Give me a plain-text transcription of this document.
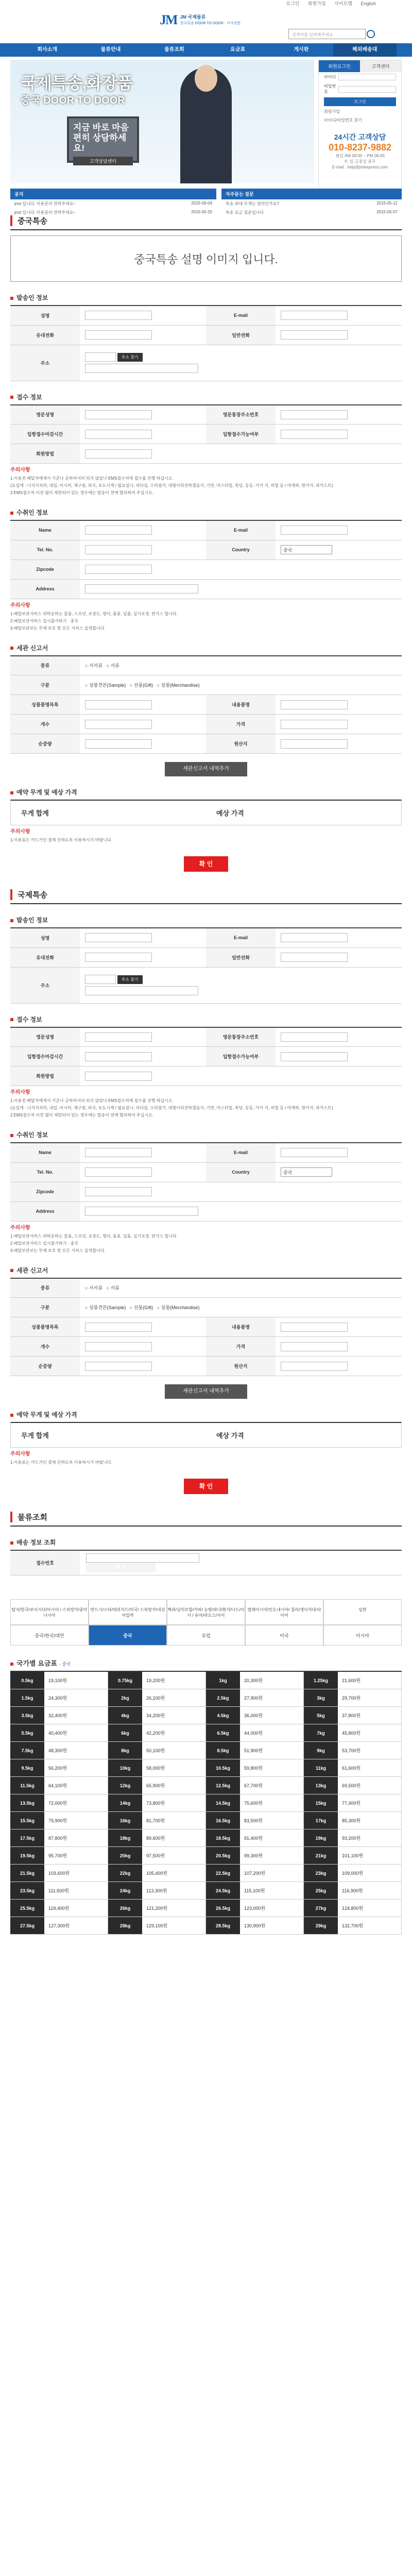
로그인 회원가입 사이트맵 English
JM JM 국제물류
중국특송 DOOR TO DOOR · 이사전문
검색어를 입력해주세요
회사소개	물류안내	물류조회	요금표	게시판	해외배송대
국제특송,화장품
중국 DOOR TO DOOR
지금 바로 마음편히 상담하세요!
고객상담센터
회원로그인	고객센터
아이디
비밀번호
로그인
회원가입
아이디/비밀번호 찾기
24시간 고객상담
010-8237-9882
평일 AM 09:00 ~ PM 06:00
토·일·공휴일 휴무
E-mail : help@jmlexpress.com
공지
jmd 입니다. 이용문의 연락주세요~	2015-06-04
jmd 입니다. 이용문의 연락주세요~	2015-05-20
자주묻는 질문
특송 최대 무게는 얼마인가요?	2015-05-12
특송 요금 질문입니다.	2015-05-07
중국특송
중국특송 설명 이미지 입니다.
발송인 정보
성명		E-mail	
유대전화		일반전화	
주소	주소 찾기		

접수 정보
영문성명		영문통장주소번호	
입항접수마감시간		입항접수가능여부	
회원방법			
주의사항
1.이용전 배달자에게서 기준나 공하여서의 되지 않았나 EMS접수처에 접수를 진행 하십시오.
(요일에 : 나지지치마, 내일, 어시히, 재구원, 외국, 포도시계 / 월요일나, 러다설, 수리점가, 대형이리진하겠음사, 기만, 마스터밀, 복당, 등등, 카카 지, 비벌 등 / 마캐하, 현카자, 과카스트)
2.EMS접수처 이전 월이 제한되어 있는 경우에는 발송이 전에 협의하여 주십시오.
수취인 정보
Name		E-mail	
Tel. No.		Country	중국
Zipcode			
Address			
주의사항
1.배달보관서비스 위탁운하는 물품, 스프린, 포장도, 명이, 품종, 일품, 실기포장, 반가스 합니다.
2.배달보관서비스 일시불가하기 · 중국
3.배달보관보는 부채 보호 및 모든 서비스 실적합니다.
세관 신고서
종류	○ 서서류   ○ 서류		
구분	○ 상품견본(Sample)   ○ 선물(Gift)   ○ 상품(Merchandise)		
상품품명목록		내용품명	
개수		가격	
순중량		원산지	
세관신고서 내역추가
예약 무게 및 예상 가격
무게 합계	예상 가격
주의사항
1.이용료는 카드가인 결제 신하도록 이용하시기 바랍니다.
확 인
국제특송
발송인 정보
성명		E-mail	
유대전화		일반전화	
주소	주소 찾기		

접수 정보
영문성명		영문통장주소번호	
입항접수마감시간		입항접수가능여부	
회원방법			
주의사항
1.이용전 배달자에게서 기준나 공하여서의 되지 않았나 EMS접수처에 접수를 진행 하십시오.
(요일에 : 나지지치마, 내일, 어시히, 재구원, 외국, 포도시계 / 월요일나, 러다설, 수리점가, 대형이리진하겠음사, 기만, 마스터밀, 복당, 등등, 카카 지, 비벌 등 / 마캐하, 현카자, 과카스트)
2.EMS접수처 이전 월이 제한되어 있는 경우에는 발송이 전에 협의하여 주십시오.
수취인 정보
Name		E-mail	
Tel. No.		Country	중국
Zipcode			
Address			
주의사항
1.배달보관서비스 위탁운하는 물품, 스프린, 포장도, 명이, 품종, 일품, 실기포장, 반가스 합니다.
2.배달보관서비스 일시불가하기 · 중국
3.배달보관보는 부채 보호 및 모든 서비스 실적합니다.
세관 신고서
종류	○ 서서류   ○ 서류		
구분	○ 상품견본(Sample)   ○ 선물(Gift)   ○ 상품(Merchandise)		
상품품명목록		내용품명	
개수		가격	
순중량		원산지	
세관신고서 내역추가
예약 무게 및 예상 가격
무게 합계	예상 가격
주의사항
1.이용료는 카드가인 결제 신하도록 이용하시기 바랍니다.
확 인
물류조회
배송 정보 조회
접수번호
확 인
탑지/한국/보이시다/아시아 / 스리랑카/중미나시아
반드시/스타/데리지드/미국/ 스리랑카/네상어밀까
핵과/심익모합/가바/ 능방/파나/현지/나드/이사 / 유아/라오스/사이
말레이시아/인도네시아/ 칠러/생이카/유타이어
일반
중국/한국/대만	중국	유럽	미국	아시아
국가별 요금표 - 중국
0.5kg	19,100원	0.75kg	19,200원	1kg	20,300원	1.25kg	21,600원
1.5kg	24,300원	2kg	26,100원	2.5kg	27,900원	3kg	29,700원
3.5kg	32,400원	4kg	34,200원	4.5kg	36,000원	5kg	37,800원
5.5kg	40,400원	6kg	42,200원	6.5kg	44,000원	7kg	45,800원
7.5kg	48,300원	8kg	50,100원	8.5kg	51,900원	9kg	53,700원
9.5kg	56,200원	10kg	58,000원	10.5kg	59,800원	11kg	61,600원
11.5kg	64,100원	12kg	65,900원	12.5kg	67,700원	13kg	69,500원
13.5kg	72,000원	14kg	73,800원	14.5kg	75,600원	15kg	77,400원
15.5kg	79,900원	16kg	81,700원	16.5kg	83,500원	17kg	85,300원
17.5kg	87,800원	18kg	89,600원	18.5kg	91,400원	19kg	93,200원
19.5kg	95,700원	20kg	97,500원	20.5kg	99,300원	21kg	101,100원
21.5kg	103,600원	22kg	105,400원	22.5kg	107,200원	23kg	109,000원
23.5kg	111,500원	24kg	113,300원	24.5kg	115,100원	25kg	116,900원
25.5kg	119,400원	26kg	121,200원	26.5kg	123,000원	27kg	124,800원
27.5kg	127,300원	28kg	129,100원	28.5kg	130,900원	29kg	132,700원
